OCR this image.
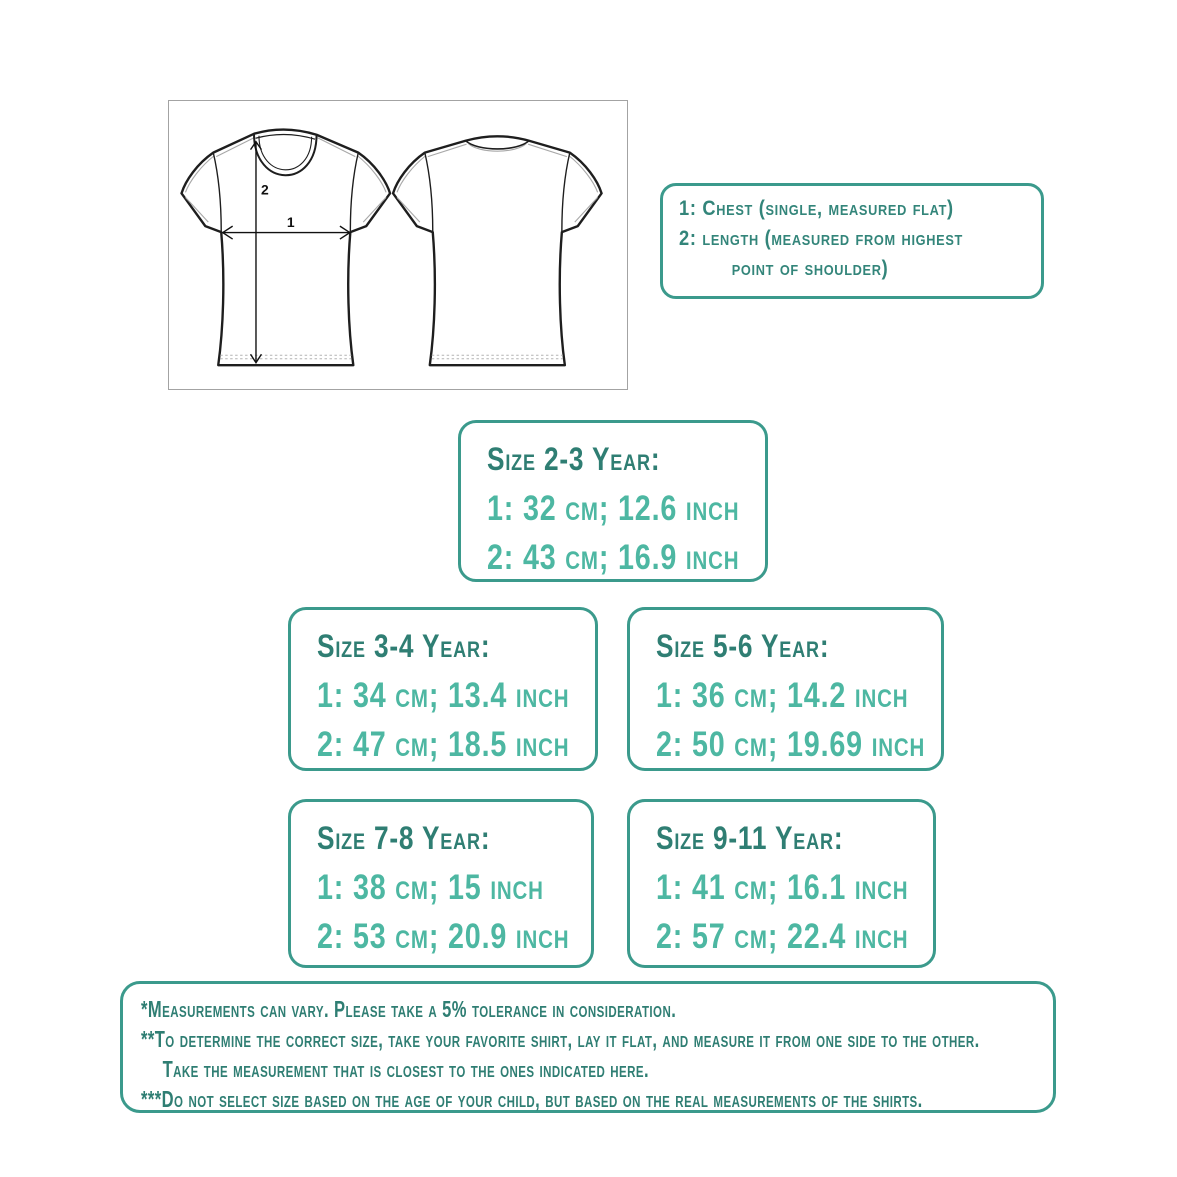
1
2
1: Chest (single, measured flat)
2: length (measured from highest
point of shoulder)
Size 2-3 Year:
1: 32 cm; 12.6 inch
2: 43 cm; 16.9 inch
Size 3-4 Year:
1: 34 cm; 13.4 inch
2: 47 cm; 18.5 inch
Size 5-6 Year:
1: 36 cm; 14.2 inch
2: 50 cm; 19.69 inch
Size 7-8 Year:
1: 38 cm; 15 inch
2: 53 cm; 20.9 inch
Size 9-11 Year:
1: 41 cm; 16.1 inch
2: 57 cm; 22.4 inch
*Measurements can vary. Please take a 5% tolerance in consideration.
**To determine the correct size, take your favorite shirt, lay it flat, and measure it from one side to the other.
Take the measurement that is closest to the ones indicated here.
***Do not select size based on the age of your child, but based on the real measurements of the shirts.
